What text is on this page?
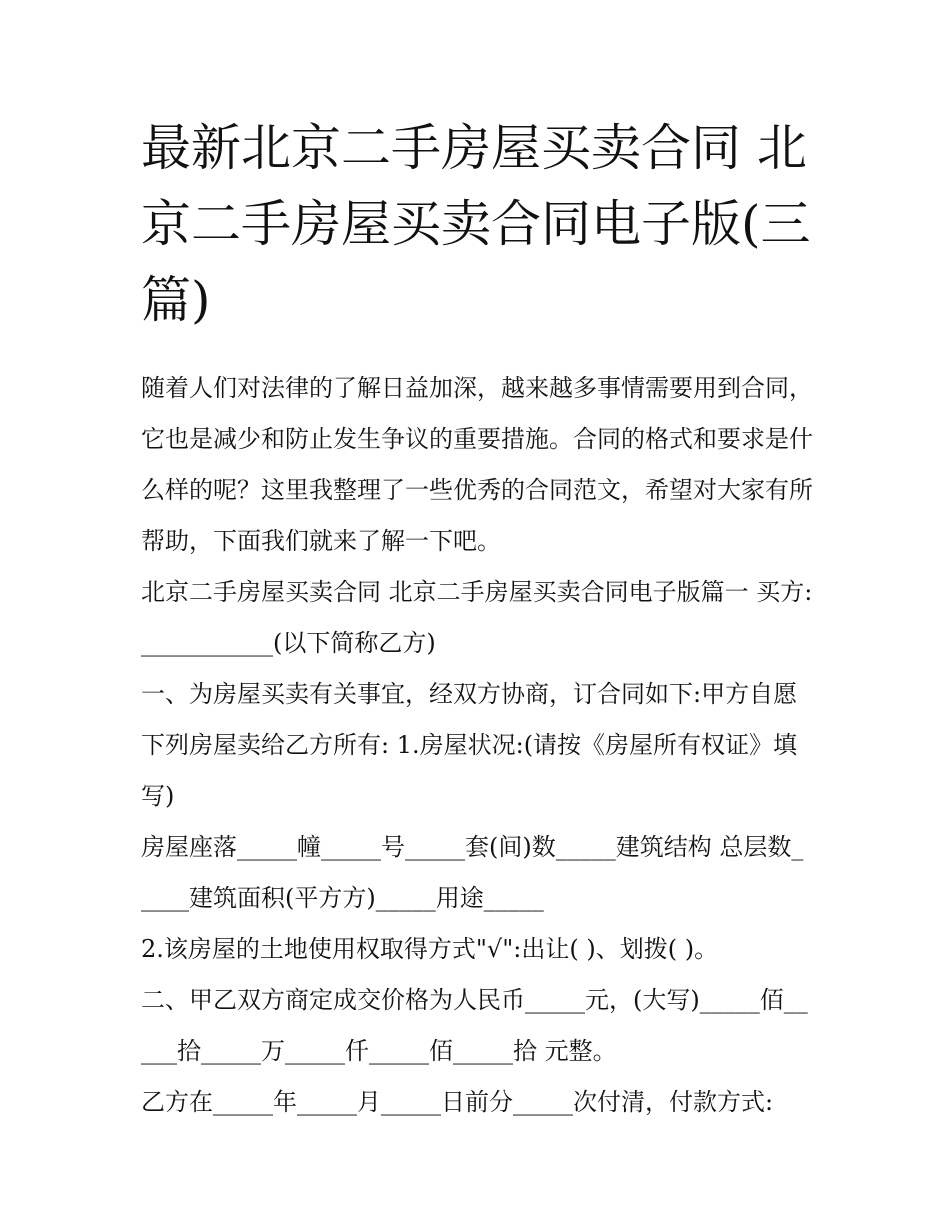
最新北京二手房屋买卖合同 北京二手房屋买卖合同电子版(三篇)

随着人们对法律的了解日益加深，越来越多事情需要用到合同，它也是减少和防止发生争议的重要措施。合同的格式和要求是什么样的呢？这里我整理了一些优秀的合同范文，希望对大家有所帮助，下面我们就来了解一下吧。

北京二手房屋买卖合同 北京二手房屋买卖合同电子版篇一 买方:___________(以下简称乙方)

一、为房屋买卖有关事宜，经双方协商，订合同如下:甲方自愿下列房屋卖给乙方所有: 1.房屋状况:(请按《房屋所有权证》填写)

房屋座落_____幢_____号_____套(间)数_____建筑结构 总层数_____建筑面积(平方方)_____用途_____

2.该房屋的土地使用权取得方式"√":出让( )、划拨( )。

二、甲乙双方商定成交价格为人民币_____元，(大写)_____佰_____拾_____万_____仟_____佰_____拾 元整。

乙方在_____年_____月_____日前分_____次付清，付款方式:
